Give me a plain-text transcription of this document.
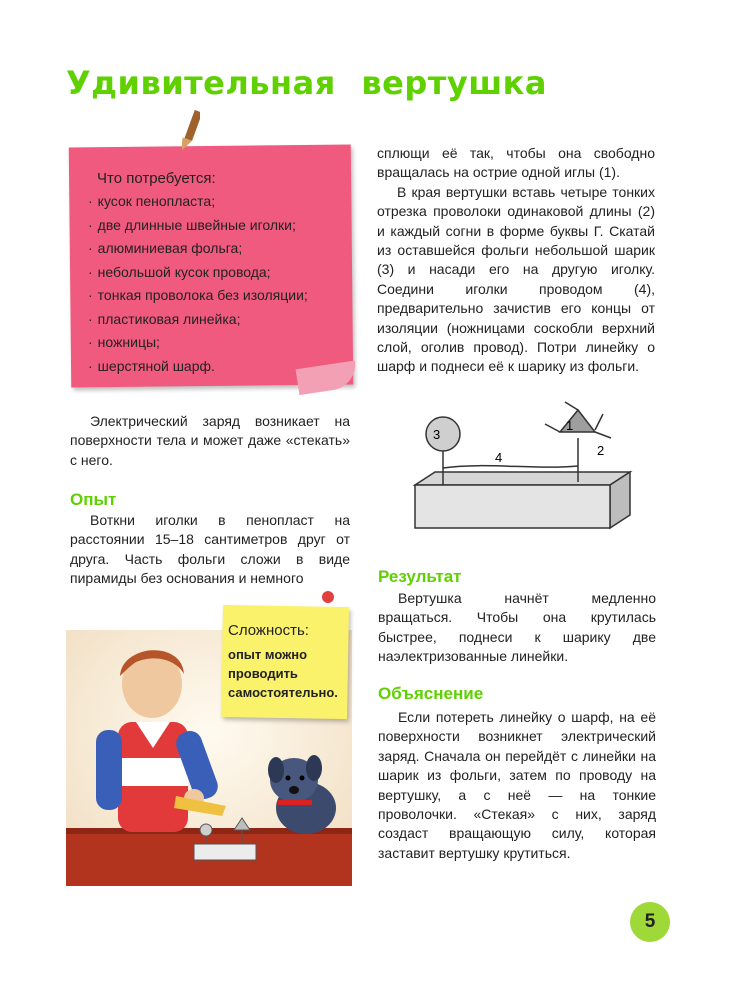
Удивительная вертушка
Что потребуется:
· кусок пенопласта;
· две длинные швейные иголки;
· алюминиевая фольга;
· небольшой кусок провода;
· тонкая проволока без изоляции;
· пластиковая линейка;
· ножницы;
· шерстяной шарф.

сплющи её так, чтобы она свободно вращалась на острие одной иглы (1).

В края вертушки вставь четыре тонких отрезка проволоки одинаковой длины (2) и каждый согни в форме буквы Г. Скатай из оставшейся фольги небольшой шарик (3) и насади его на другую иголку. Соедини иголки проводом (4), предварительно зачистив его концы от изоляции (ножницами соскобли верхний слой, оголив провод). Потри линейку о шарф и поднеси её к шарику из фольги.

Электрический заряд возникает на поверхности тела и может даже «стекать» с него.

Опыт

Воткни иголки в пенопласт на расстоянии 15–18 сантиметров друг от друга. Часть фольги сложи в виде пирамиды без основания и немного

3
1
2
4
Результат

Вертушка начнёт медленно вращаться. Чтобы она крутилась быстрее, поднеси к шарику две наэлектризованные линейки.

Объяснение

Если потереть линейку о шарф, на её поверхности возникнет электрический заряд. Сначала он перейдёт с линейки на шарик из фольги, затем по проводу на вертушку, а с неё — на тонкие проволочки. «Стекая» с них, заряд создаст вращающую силу, которая заставит вертушку крутиться.

Сложность:
опыт можно проводить самостоятельно.
5
